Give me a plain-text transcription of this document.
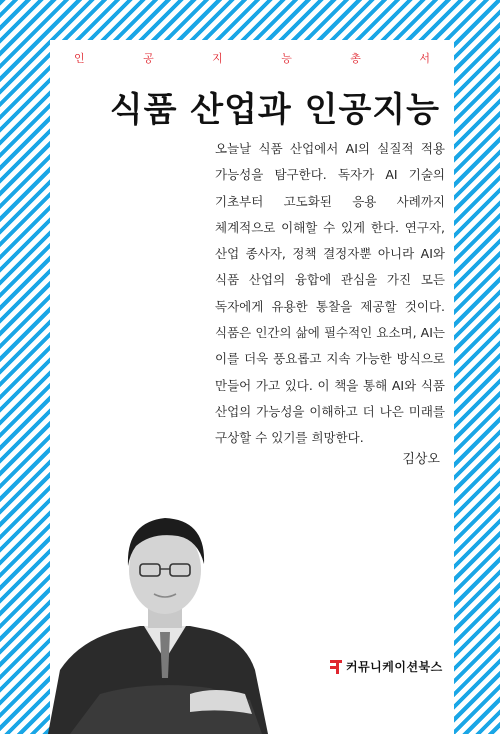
인	공	지	능	총	서
식품 산업과 인공지능

오늘날 식품 산업에서 AI의 실질적 적용 가능성을 탐구한다. 독자가 AI 기술의 기초부터 고도화된 응용 사례까지 체계적으로 이해할 수 있게 한다. 연구자, 산업 종사자, 정책 결정자뿐 아니라 AI와 식품 산업의 융합에 관심을 가진 모든 독자에게 유용한 통찰을 제공할 것이다. 식품은 인간의 삶에 필수적인 요소며, AI는 이를 더욱 풍요롭고 지속 가능한 방식으로 만들어 가고 있다. 이 책을 통해 AI와 식품 산업의 가능성을 이해하고 더 나은 미래를 구상할 수 있기를 희망한다.

김상오
커뮤니케이션북스
